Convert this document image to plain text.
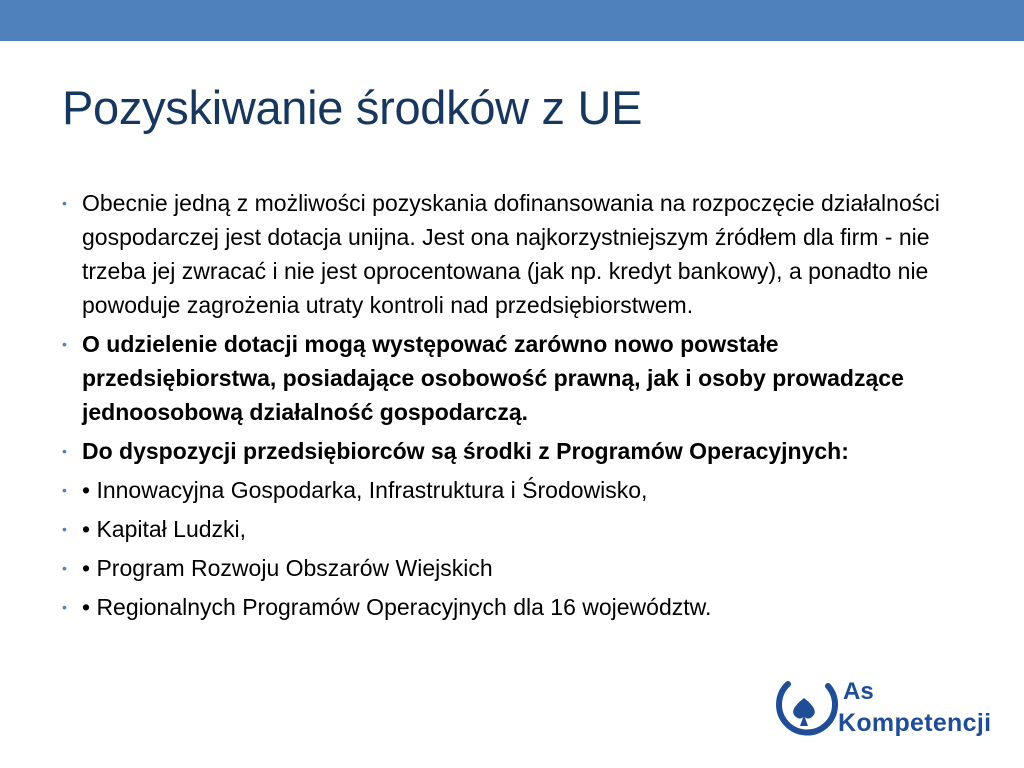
Pozyskiwanie środków z UE
• Obecnie jedną z możliwości pozyskania dofinansowania na rozpoczęcie działalności gospodarczej jest dotacja unijna. Jest ona najkorzystniejszym źródłem dla firm - nie trzeba jej zwracać i nie jest oprocentowana (jak np. kredyt bankowy), a ponadto nie powoduje zagrożenia utraty kontroli nad przedsiębiorstwem.
• O udzielenie dotacji mogą występować zarówno nowo powstałe przedsiębiorstwa, posiadające osobowość prawną, jak i osoby prowadzące jednoosobową działalność gospodarczą.
• Do dyspozycji przedsiębiorców są środki z Programów Operacyjnych:
• • Innowacyjna Gospodarka, Infrastruktura i Środowisko,
• • Kapitał Ludzki,
• • Program Rozwoju Obszarów Wiejskich
• • Regionalnych Programów Operacyjnych dla 16 województw.
As
Kompetencji
